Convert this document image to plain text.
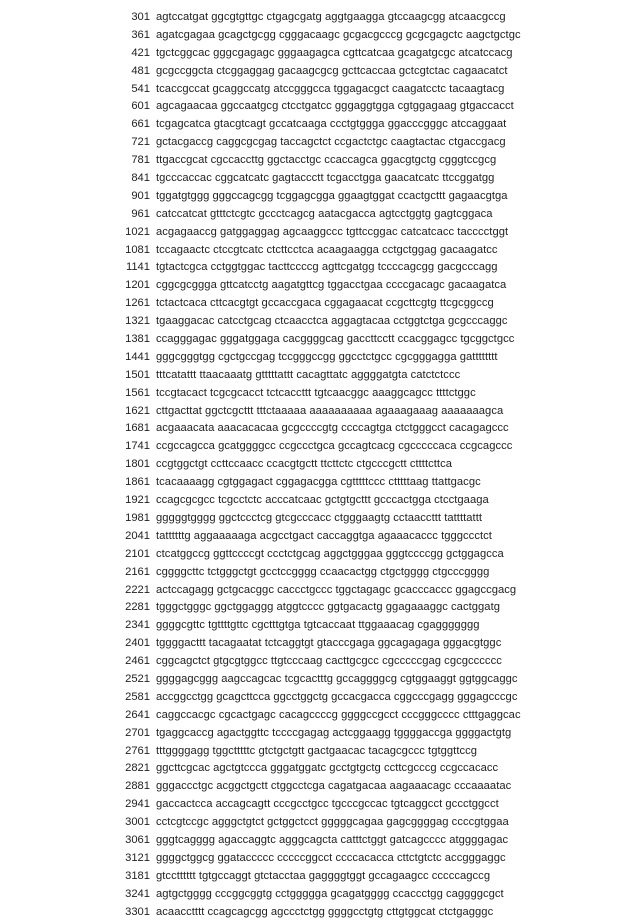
301 agtccatgat ggcgtgttgc ctgagcgatg aggtgaagga gtccaagcgg atcaacgccg
361 agatcgagaa gcagctgcgg cgggacaagc gcgacgcccg gcgcgagctc aagctgctgc
421 tgctcggcac gggcgagagc gggaagagca cgttcatcaa gcagatgcgc atcatccacg
481 gcgccggcta ctcggaggag gacaagcgcg gcttcaccaa gctcgtctac cagaacatct
541 tcaccgccat gcaggccatg atccgggcca tggagacgct caagatcctc tacaagtacg
601 agcagaacaa ggccaatgcg ctcctgatcc gggaggtgga cgtggagaag gtgaccacct
661 tcgagcatca gtacgtcagt gccatcaaga ccctgtggga ggacccgggc atccaggaat
721 gctacgaccg caggcgcgag taccagctct ccgactctgc caagtactac ctgaccgacg
781 ttgaccgcat cgccaccttg ggctacctgc ccaccagca ggacgtgctg cgggtccgcg
841 tgcccaccac cggcatcatc gagtaccctt tcgacctgga gaacatcatc ttccggatgg
901 tggatgtggg gggccagcgg tcggagcgga ggaagtggat ccactgcttt gagaacgtga
961 catccatcat gtttctcgtc gccctcagcg aatacgacca agtcctggtg gagtcggaca
1021 acgagaaccg gatggaggag agcaaggccc tgttccggac catcatcacc tacccctggt
1081 tccagaactc ctccgtcatc ctcttcctca acaagaagga cctgctggag gacaagatcc
1141 tgtactcgca cctggtggac tacttccccg agttcgatgg tccccagcgg gacgcccagg
1201 cggcgcggga gttcatcctg aagatgttcg tggacctgaa ccccgacagc gacaagatca
1261 tctactcaca cttcacgtgt gccaccgaca cggagaacat ccgcttcgtg ttcgcggccg
1321 tgaaggacac catcctgcag ctcaacctca aggagtacaa cctggtctga gcgcccaggc
1381 ccagggagac gggatggaga cacggggcag gaccttcctt ccacggagcc tgcggctgcc
1441 gggcgggtgg cgctgccgag tccgggccgg ggcctctgcc cgcgggagga gatttttttt
1501 tttcatattt ttaacaaatg gtttttattt cacagttatc aggggatgta catctctccc
1561 tccgtacact tcgcgcacct tctcaccttt tgtcaacggc aaaggcagcc ttttctggc
1621 cttgacttat ggctcgcttt tttctaaaaa aaaaaaaaaa agaaagaaag aaaaaaagca
1681 acgaaacata aaacacacaa gcgccccgtg ccccagtga ctctgggcct cacagagccc
1741 ccgccagcca gcatggggcc ccgccctgca gccagtcacg cgcccccaca ccgcagccc
1801 ccgtggctgt ccttccaacc ccacgtgctt ttcttctc ctgcccgctt cttttcttca
1861 tcacaaaagg cgtggagact cggagacgga cgtttttccc ctttttaag ttattgacgc
1921 ccagcgcgcc tcgcctctc acccatcaac gctgtgcttt gcccactgga ctcctgaaga
1981 gggggtgggg ggctccctcg gtcgcccacc ctgggaagtg cctaaccttt tattttattt
2041 tattttttg aggaaaaaga acgcctgact caccaggtga agaaacaccc tgggccctct
2101 ctcatggccg ggttccccgt ccctctgcag aggctgggaa gggtccccgg gctggagcca
2161 cggggcttc tctgggctgt gcctccgggg ccaacactgg ctgctgggg ctgcccgggg
2221 actccagagg gctgcacggc caccctgccc tggctagagc gcacccaccc ggagccgacg
2281 tgggctgggc ggctggaggg atggtcccc ggtgacactg ggagaaaggc cactggatg
2341 ggggcgttc tgttttgttc cgctttgtga tgtcaccaat ttggaaacag cgaggggggg
2401 tggggacttt tacagaatat tctcaggtgt gtacccgaga ggcagagaga gggacgtggc
2461 cggcagctct gtgcgtggcc ttgtcccaag cacttgcgcc cgcccccgag cgcgcccccc
2521 ggggagcggg aagccagcac tcgcactttg gccaggggcg cgtggaaggt ggtggcaggc
2581 accggcctgg gcagcttcca ggcctggctg gccacgacca cggcccgagg gggagcccgc
2641 caggccacgc cgcactgagc cacagccccg ggggccgcct cccgggcccc ctttgaggcac
2701 tgaggcaccg agactggttc tccccgagag actcggaagg tggggaccga ggggactgtg
2761 tttggggagg tggctttttc gtctgctgtt gactgaacac tacagcgccc tgtggttccg
2821 ggcttcgcac agctgtccca gggatggatc gcctgtgctg ccttcgcccg ccgccacacc
2881 gggaccctgc acggctgctt ctggcctcga cagatgacaa aagaaacagc cccaaaatac
2941 gaccactcca accagcagtt cccgcctgcc tgcccgccac tgtcaggcct gccctggcct
3001 cctcgtccgc agggctgtct gctggctcct gggggcagaa gagcggggag ccccgtggaa
3061 gggtcagggg agaccaggtc agggcagcta catttctggt gatcagcccc atggggagac
3121 ggggctggcg ggataccccc cccccggcct ccccacacca cttctgtctc accgggaggc
3181 gtcctttttt tgtgccaggt gtctacctaa gaggggtggt gccagaagcc cccccagccg
3241 agtgctgggg cccggcggtg cctggggga gcagatgggg ccaccctgg caggggcgct
3301 acaacctttt ccagcagcgg agccctctgg ggggcctgtg cttgtggcat ctctgagggc
